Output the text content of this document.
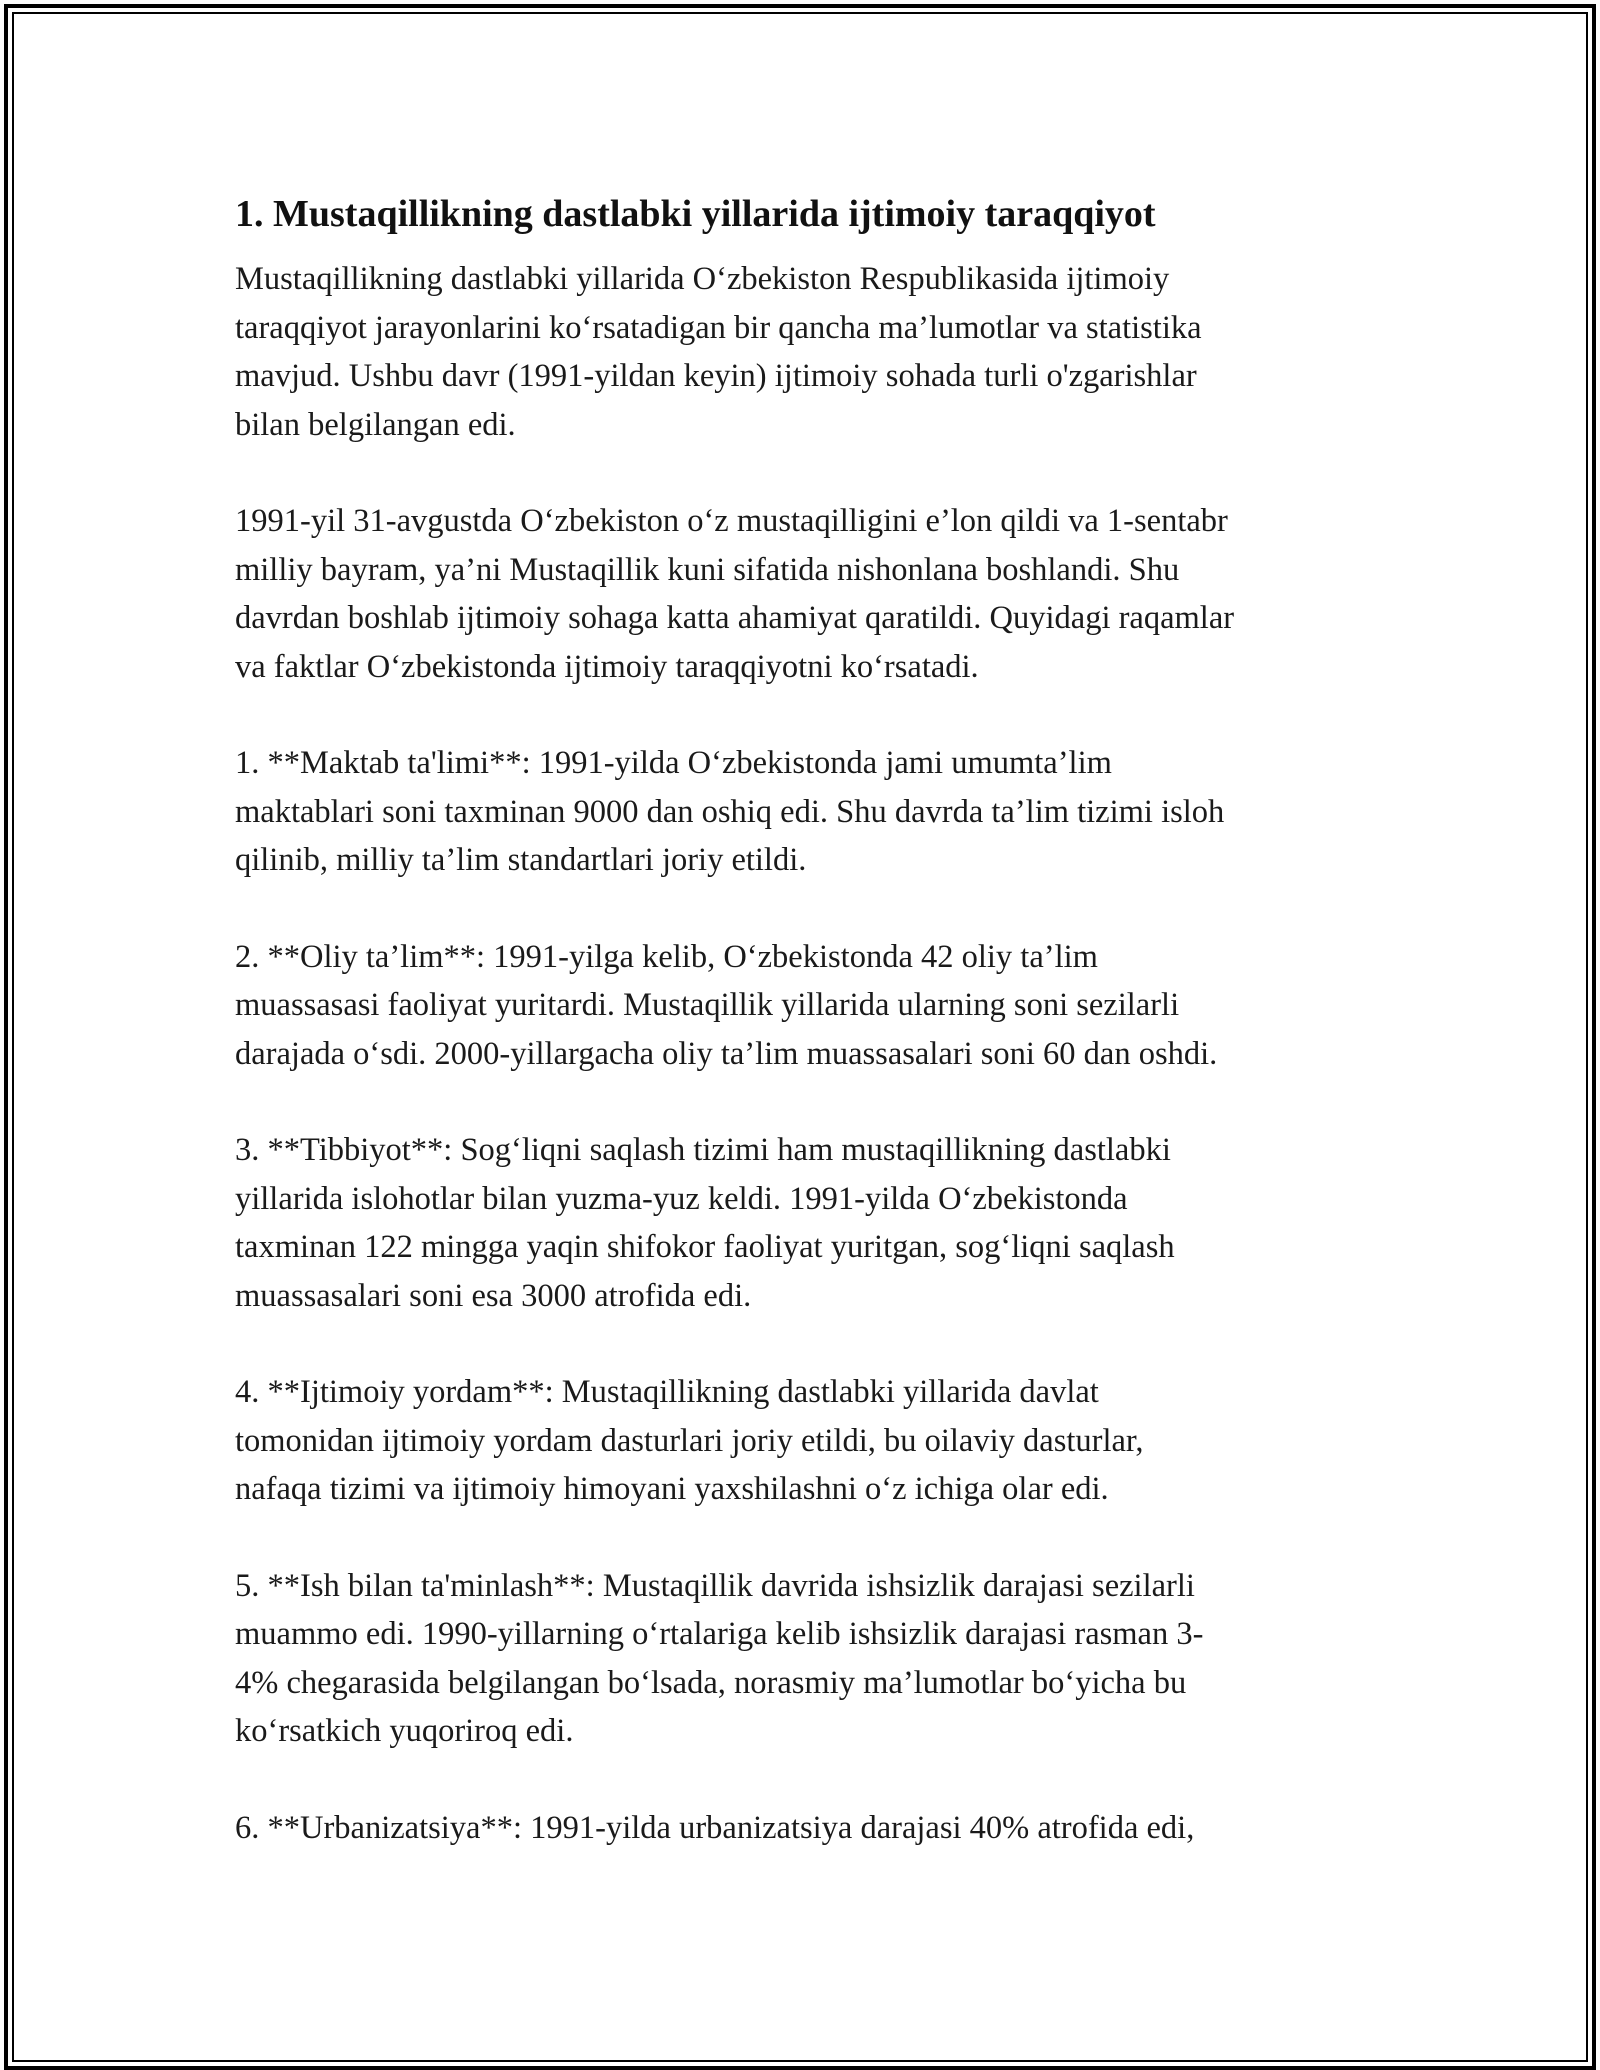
1. Mustaqillikning dastlabki yillarida ijtimoiy taraqqiyot

Mustaqillikning dastlabki yillarida O‘zbekiston Respublikasida ijtimoiy
taraqqiyot jarayonlarini ko‘rsatadigan bir qancha ma’lumotlar va statistika
mavjud. Ushbu davr (1991-yildan keyin) ijtimoiy sohada turli o'zgarishlar
bilan belgilangan edi.

1991-yil 31-avgustda O‘zbekiston o‘z mustaqilligini e’lon qildi va 1-sentabr
milliy bayram, ya’ni Mustaqillik kuni sifatida nishonlana boshlandi. Shu
davrdan boshlab ijtimoiy sohaga katta ahamiyat qaratildi. Quyidagi raqamlar
va faktlar O‘zbekistonda ijtimoiy taraqqiyotni ko‘rsatadi.

1. **Maktab ta'limi**: 1991-yilda O‘zbekistonda jami umumta’lim
maktablari soni taxminan 9000 dan oshiq edi. Shu davrda ta’lim tizimi isloh
qilinib, milliy ta’lim standartlari joriy etildi.

2. **Oliy ta’lim**: 1991-yilga kelib, O‘zbekistonda 42 oliy ta’lim
muassasasi faoliyat yuritardi. Mustaqillik yillarida ularning soni sezilarli
darajada o‘sdi. 2000-yillargacha oliy ta’lim muassasalari soni 60 dan oshdi.

3. **Tibbiyot**: Sog‘liqni saqlash tizimi ham mustaqillikning dastlabki
yillarida islohotlar bilan yuzma-yuz keldi. 1991-yilda O‘zbekistonda
taxminan 122 mingga yaqin shifokor faoliyat yuritgan, sog‘liqni saqlash
muassasalari soni esa 3000 atrofida edi.

4. **Ijtimoiy yordam**: Mustaqillikning dastlabki yillarida davlat
tomonidan ijtimoiy yordam dasturlari joriy etildi, bu oilaviy dasturlar,
nafaqa tizimi va ijtimoiy himoyani yaxshilashni o‘z ichiga olar edi.

5. **Ish bilan ta'minlash**: Mustaqillik davrida ishsizlik darajasi sezilarli
muammo edi. 1990-yillarning o‘rtalariga kelib ishsizlik darajasi rasman 3-
4% chegarasida belgilangan bo‘lsada, norasmiy ma’lumotlar bo‘yicha bu
ko‘rsatkich yuqoriroq edi.

6. **Urbanizatsiya**: 1991-yilda urbanizatsiya darajasi 40% atrofida edi,
